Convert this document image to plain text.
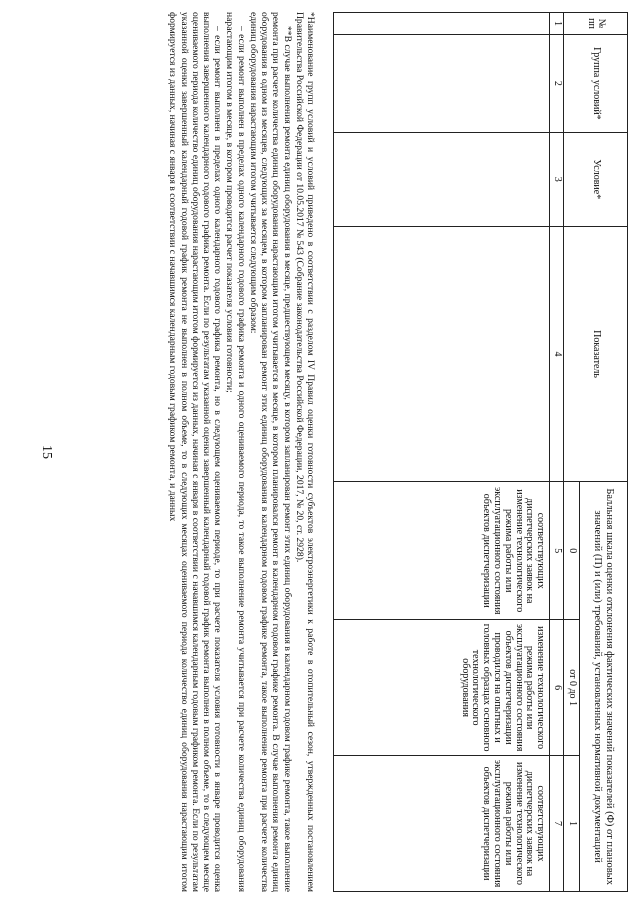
15
№ пп	Группа условий*	Условие*	Показатель	Балльная шкала оценки отклонения фактических значений показателей (Ф) от плановых значений (П) и (или) требований, установленных нормативной документацией		
				0	от 0 до 1	1
1	2	3	4	5	6	7
				соответствующих диспетчерских заявок на изменение технологического режима работы или эксплуатационного состояния объектов диспетчеризации	изменение технологического режима работы или эксплуатационного состояния объектов диспетчеризации проводился на опытных и головных образцах основного технологического оборудования	соответствующих диспетчерских заявок на изменение технологического режима работы или эксплуатационного состояния объектов диспетчеризации

*Наименование групп условий и условий приведено в соответствии с разделом IV Правил оценки готовности субъектов электроэнергетики к работе в отопительный сезон, утвержденных постановлением Правительства Российской Федерации от 10.05.2017 № 543 (Собрание законодательства Российской Федерации, 2017, № 20, ст. 2928).

**В случае выполнения ремонта единиц оборудования в месяце, предшествующем месяцу, в котором запланирован ремонт этих единиц оборудования в календарном годовом графике ремонта, такое выполнение ремонта при расчете количества единиц оборудования нарастающим итогом учитывается в месяце, в котором планировался ремонт в календарном годовом графике ремонта. В случае выполнения ремонта единиц оборудования в одном из месяцев, следующих за месяцем, в котором запланирован ремонт этих единиц оборудования в календарном годовом графике ремонта, такое выполнение ремонта при расчете количества единиц оборудования нарастающим итогом учитывается следующим образом:

– если ремонт выполнен в пределах одного календарного годового графика ремонта и одного оцениваемого периода, то такое выполнение ремонта учитывается при расчете количества единиц оборудования нарастающим итогом в месяце, в котором проводится расчет показателя условия готовности;

– если ремонт выполнен в пределах одного календарного годового графика ремонта, но в следующем оцениваемом периоде, то при расчете показателя условия готовности в январе проводится оценка выполнения завершенного календарного годового графика ремонта. Если по результатам указанной оценки завершенный календарный годовой график ремонта выполнен в полном объеме, то в следующем месяце оцениваемого периода количество единиц оборудования нарастающим итогом формируется из данных, начиная с января в соответствии с начавшимся календарным годовым графиком ремонта. Если по результатам указанной оценки завершенный календарный годовой график ремонта не выполнен в полном объеме, то в следующих месяцах оцениваемого периода количество единиц оборудования нарастающим итогом формируется из данных, начиная с января в соответствии с начавшимся календарным годовым графиком ремонта, и данных
